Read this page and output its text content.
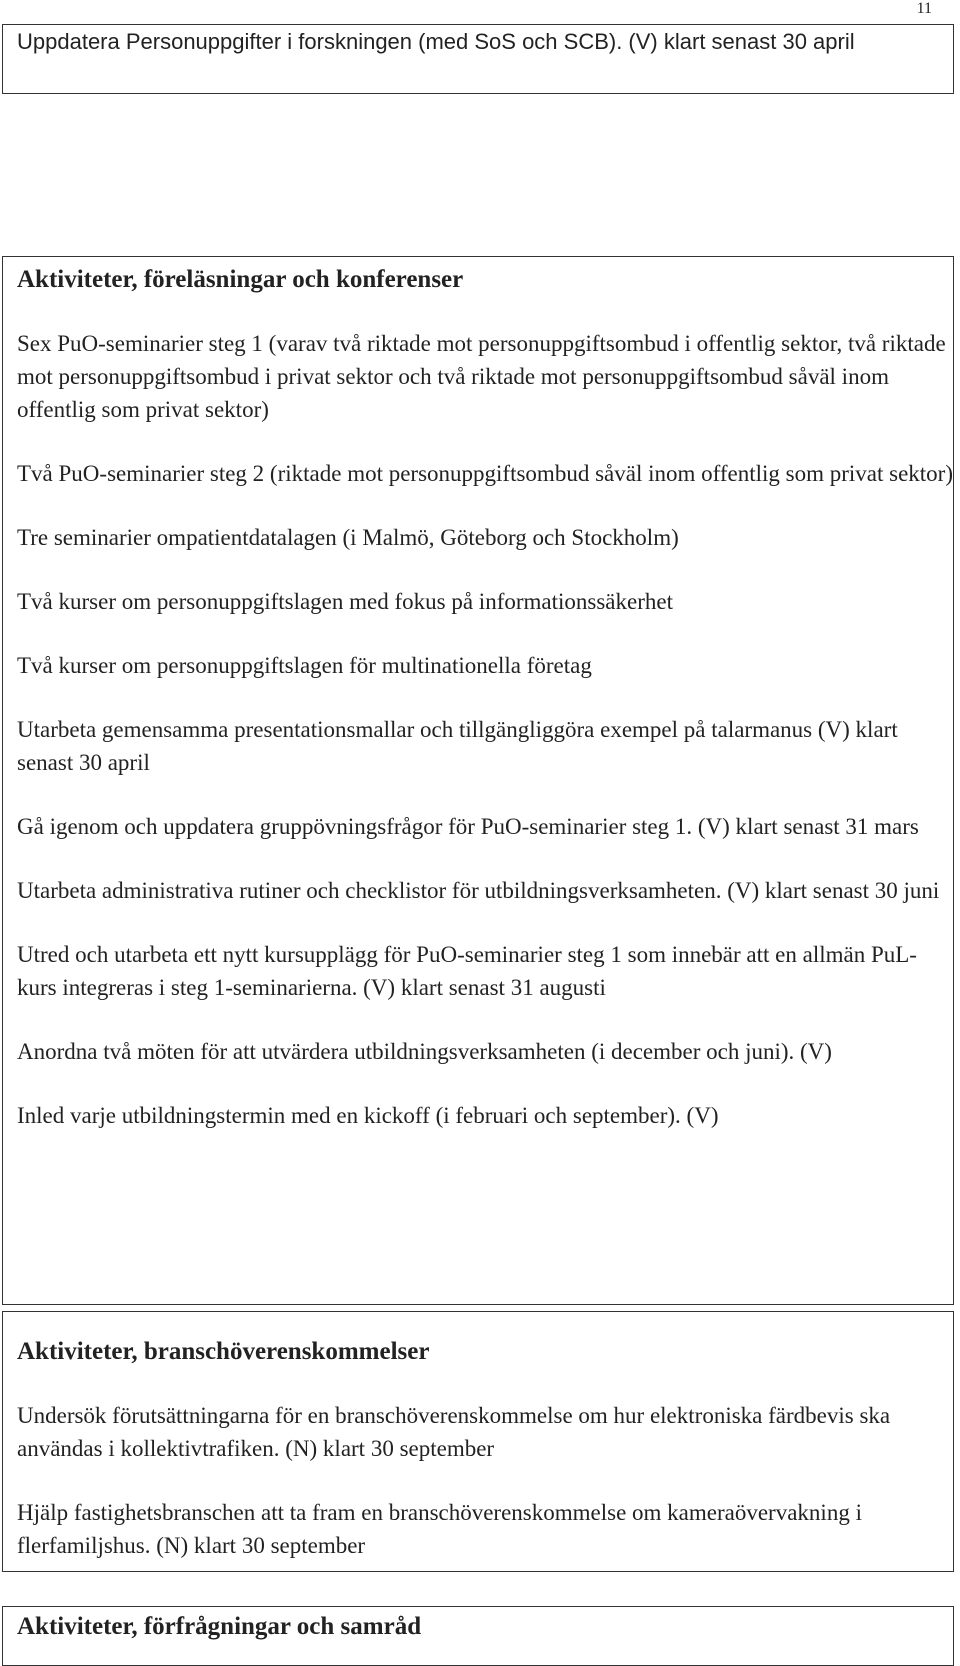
11

Uppdatera Personuppgifter i forskningen (med SoS och SCB). (V) klart senast 30 april

Aktiviteter, föreläsningar och konferenser

Sex PuO-seminarier steg 1 (varav två riktade mot personuppgiftsombud i offentlig sektor, två riktade mot personuppgiftsombud i privat sektor och två riktade mot personuppgiftsombud såväl inom offentlig som privat sektor)

Två PuO-seminarier steg 2 (riktade mot personuppgiftsombud såväl inom offentlig som privat sektor)

Tre seminarier ompatientdatalagen (i Malmö, Göteborg och Stockholm)

Två kurser om personuppgiftslagen med fokus på informationssäkerhet

Två kurser om personuppgiftslagen för multinationella företag

Utarbeta gemensamma presentationsmallar och tillgängliggöra exempel på talarmanus (V) klart senast 30 april

Gå igenom och uppdatera gruppövningsfrågor för PuO-seminarier steg 1. (V) klart senast 31 mars

Utarbeta administrativa rutiner och checklistor för utbildningsverksamheten. (V) klart senast 30 juni

Utred och utarbeta ett nytt kursupplägg för PuO-seminarier steg 1 som innebär att en allmän PuL-kurs integreras i steg 1-seminarierna. (V) klart senast 31 augusti

Anordna två möten för att utvärdera utbildningsverksamheten (i december och juni). (V)

Inled varje utbildningstermin med en kickoff (i februari och september). (V)

Aktiviteter, branschöverenskommelser

Undersök förutsättningarna för en branschöverenskommelse om hur elektroniska färdbevis ska användas i kollektivtrafiken. (N) klart 30 september

Hjälp fastighetsbranschen att ta fram en branschöverenskommelse om kameraövervakning i flerfamiljshus. (N) klart 30 september

Aktiviteter, förfrågningar och samråd
